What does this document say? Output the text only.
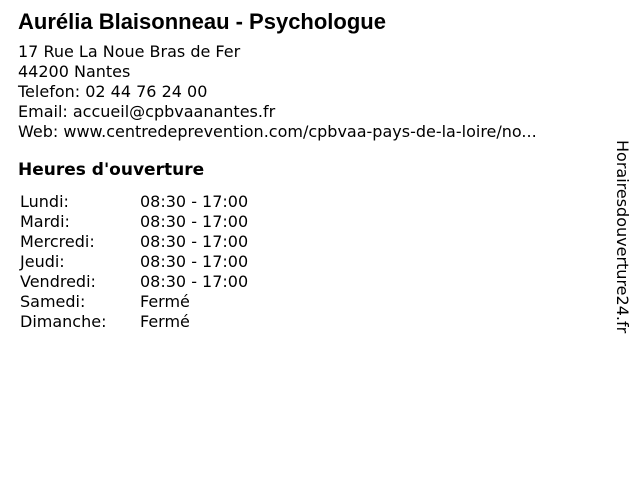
Aurélia Blaisonneau - Psychologue
17 Rue La Noue Bras de Fer
44200 Nantes
Telefon: 02 44 76 24 00
Email: accueil@cpbvaanantes.fr
Web: www.centredeprevention.com/cpbvaa-pays-de-la-loire/no...
Heures d'ouverture
Lundi:	08:30 - 17:00
Mardi:	08:30 - 17:00
Mercredi:	08:30 - 17:00
Jeudi:	08:30 - 17:00
Vendredi:	08:30 - 17:00
Samedi:	Fermé
Dimanche:	Fermé	Horairesdouverture24.fr
